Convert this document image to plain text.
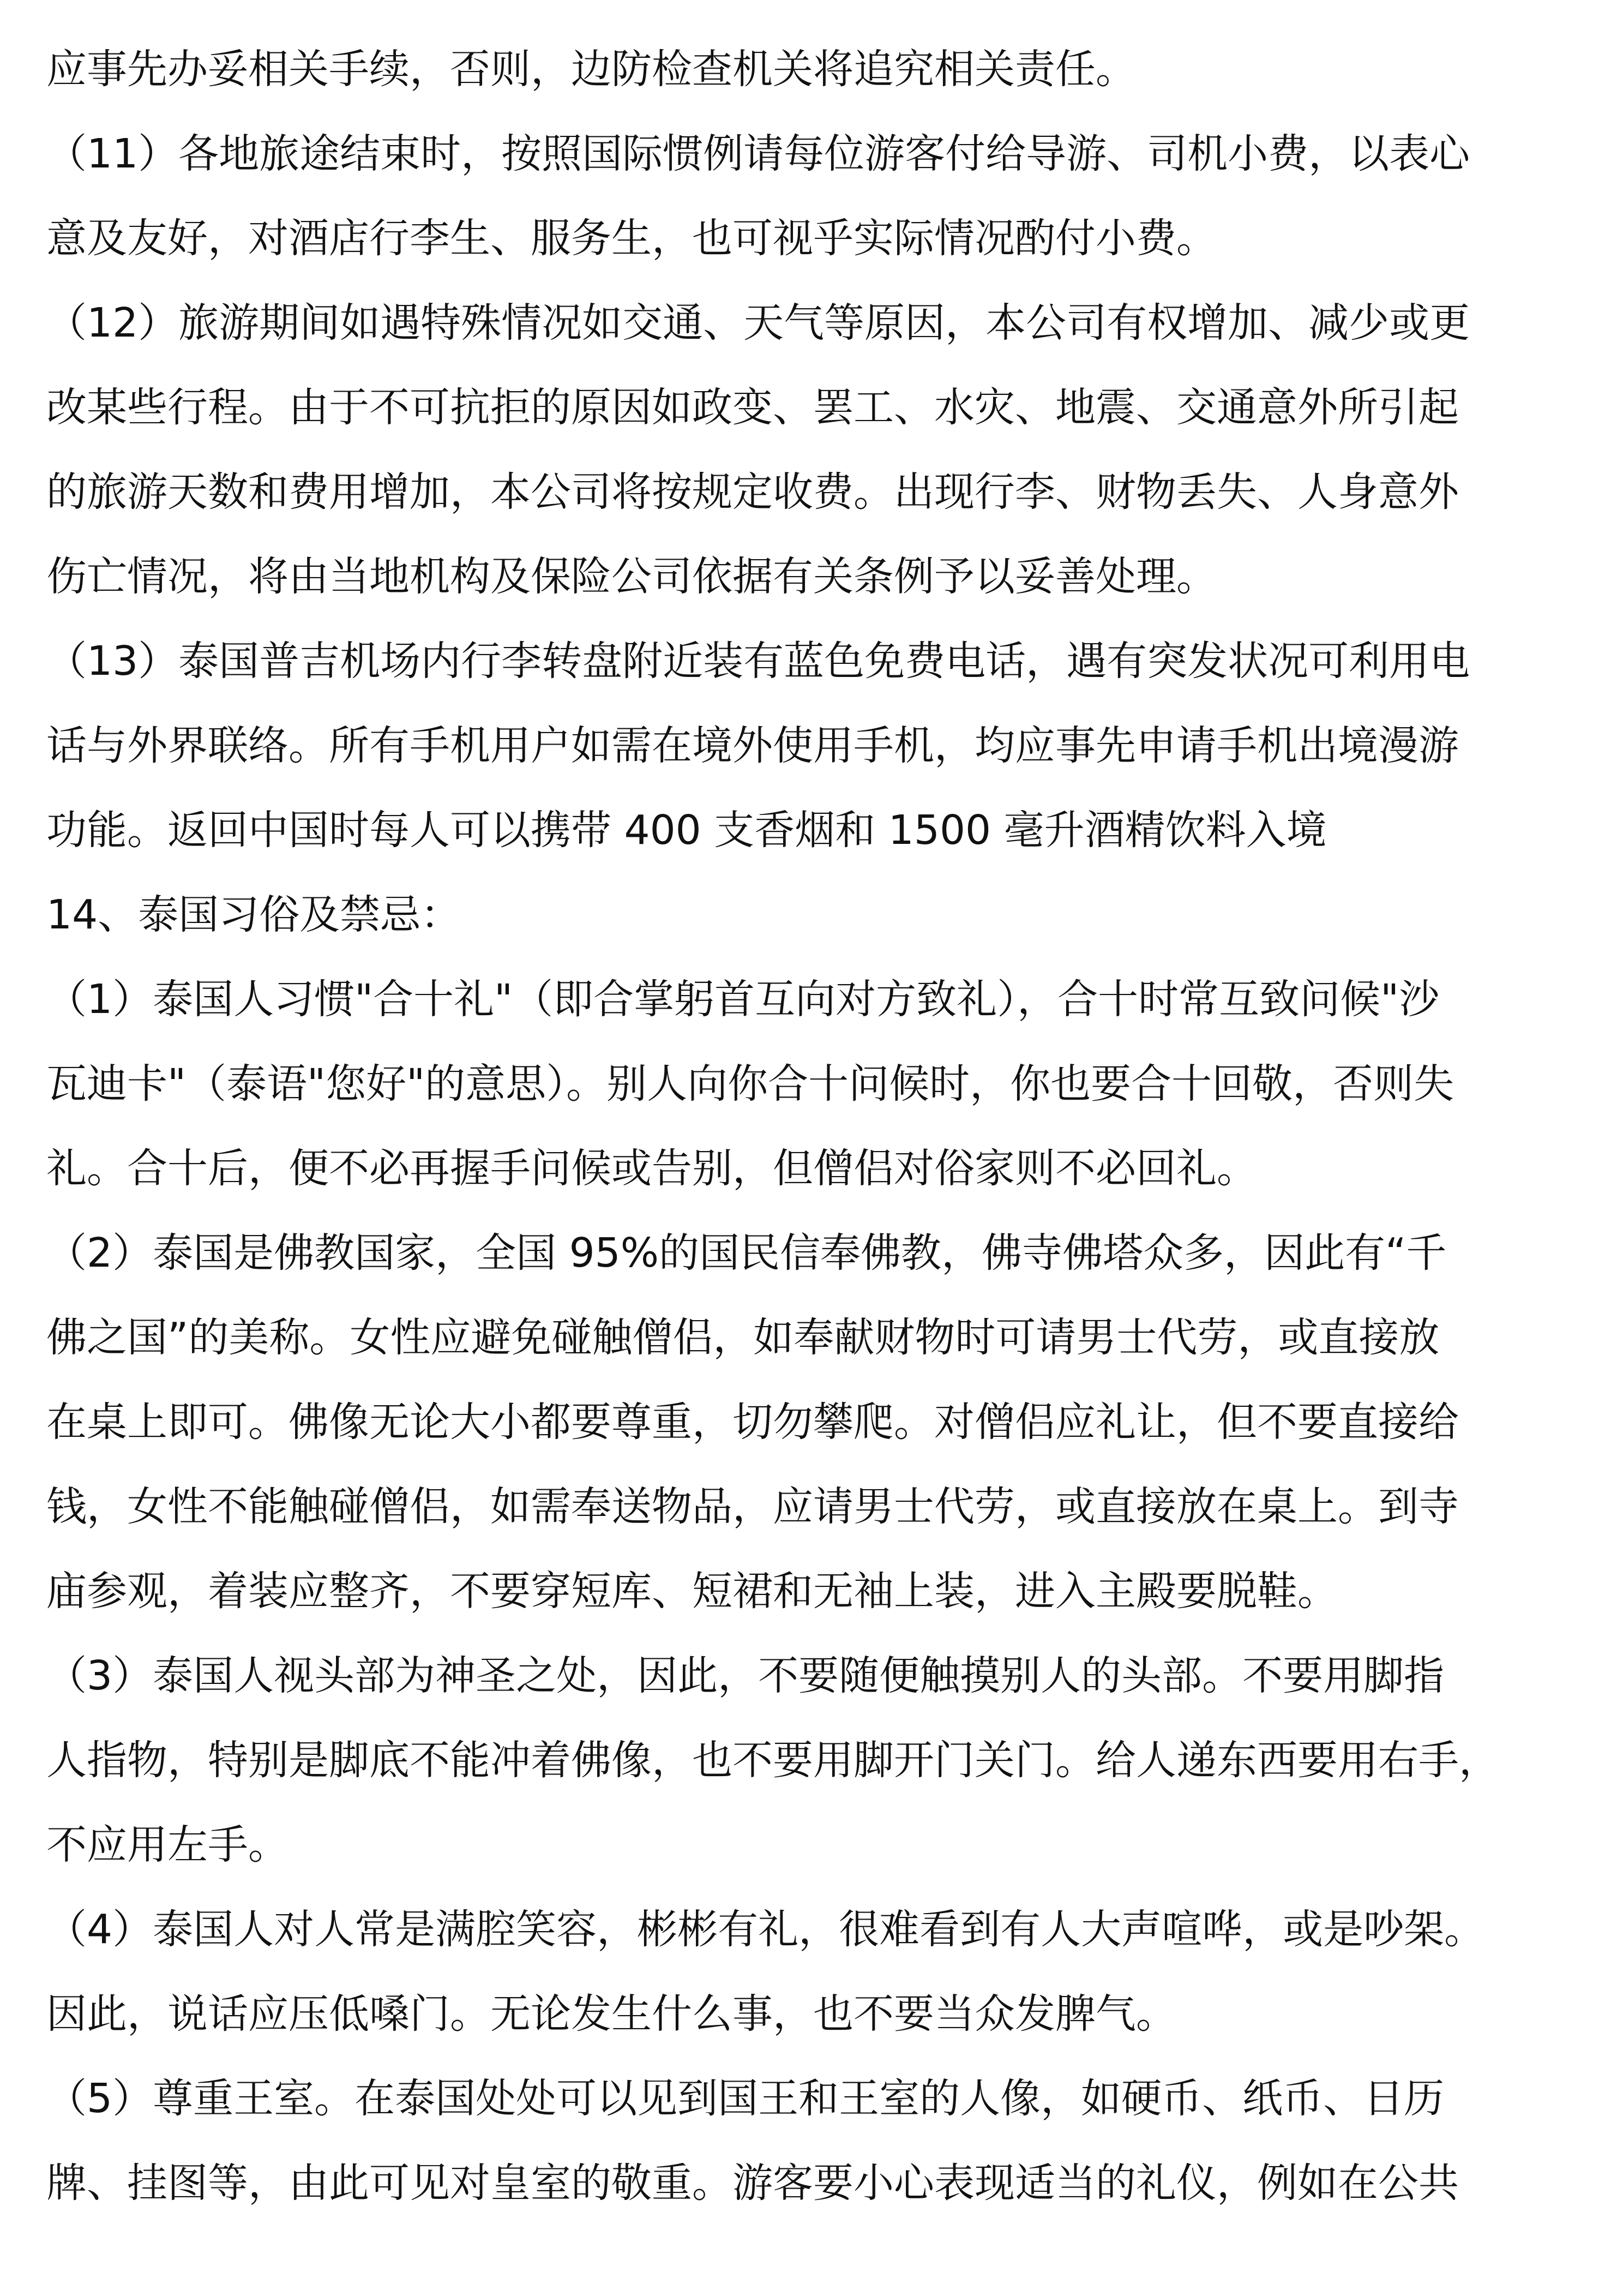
应事先办妥相关手续，否则，边防检查机关将追究相关责任。
（11）各地旅途结束时，按照国际惯例请每位游客付给导游、司机小费，以表心
意及友好，对酒店行李生、服务生，也可视乎实际情况酌付小费。
（12）旅游期间如遇特殊情况如交通、天气等原因，本公司有权增加、减少或更
改某些行程。由于不可抗拒的原因如政变、罢工、水灾、地震、交通意外所引起
的旅游天数和费用增加，本公司将按规定收费。出现行李、财物丢失、人身意外
伤亡情况，将由当地机构及保险公司依据有关条例予以妥善处理。
（13）泰国普吉机场内行李转盘附近装有蓝色免费电话，遇有突发状况可利用电
话与外界联络。所有手机用户如需在境外使用手机，均应事先申请手机出境漫游
功能。返回中国时每人可以携带 400 支香烟和 1500 毫升酒精饮料入境
14、泰国习俗及禁忌：
（1）泰国人习惯"合十礼"（即合掌躬首互向对方致礼），合十时常互致问候"沙
瓦迪卡"（泰语"您好"的意思）。别人向你合十问候时，你也要合十回敬，否则失
礼。合十后，便不必再握手问候或告别，但僧侣对俗家则不必回礼。
（2）泰国是佛教国家，全国 95%的国民信奉佛教，佛寺佛塔众多，因此有“千
佛之国”的美称。女性应避免碰触僧侣，如奉献财物时可请男士代劳，或直接放
在桌上即可。佛像无论大小都要尊重，切勿攀爬。对僧侣应礼让，但不要直接给
钱，女性不能触碰僧侣，如需奉送物品，应请男士代劳，或直接放在桌上。到寺
庙参观，着装应整齐，不要穿短库、短裙和无袖上装，进入主殿要脱鞋。
（3）泰国人视头部为神圣之处，因此，不要随便触摸别人的头部。不要用脚指
人指物，特别是脚底不能冲着佛像，也不要用脚开门关门。给人递东西要用右手，
不应用左手。
（4）泰国人对人常是满腔笑容，彬彬有礼，很难看到有人大声喧哗，或是吵架。
因此，说话应压低嗓门。无论发生什么事，也不要当众发脾气。
（5）尊重王室。在泰国处处可以见到国王和王室的人像，如硬币、纸币、日历
牌、挂图等，由此可见对皇室的敬重。游客要小心表现适当的礼仪，例如在公共
